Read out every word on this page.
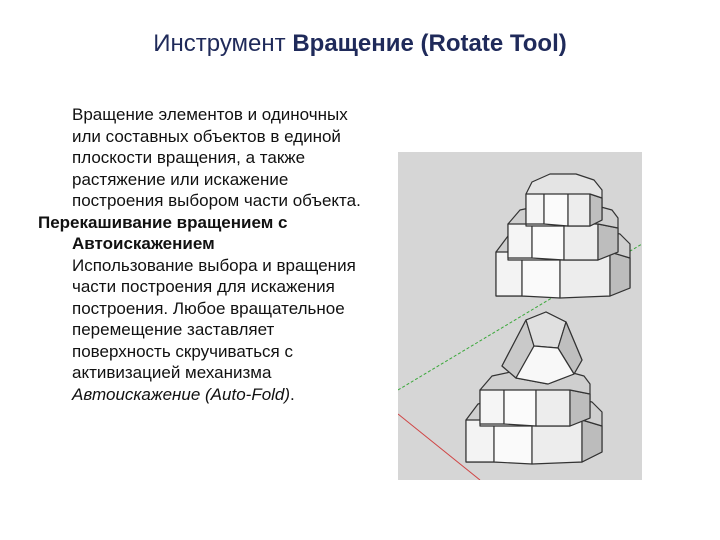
Инструмент Вращение (Rotate Tool)
Вращение элементов и одиночных или составных объектов в единой плоскости вращения, а также растяжение или искажение построения выбором части объекта.
Перекашивание вращением с
Автоискажением
Использование выбора и вращения части построения для искажения построения. Любое вращательное перемещение заставляет поверхность скручиваться с активизацией механизма Автоискажение (Auto-Fold).
